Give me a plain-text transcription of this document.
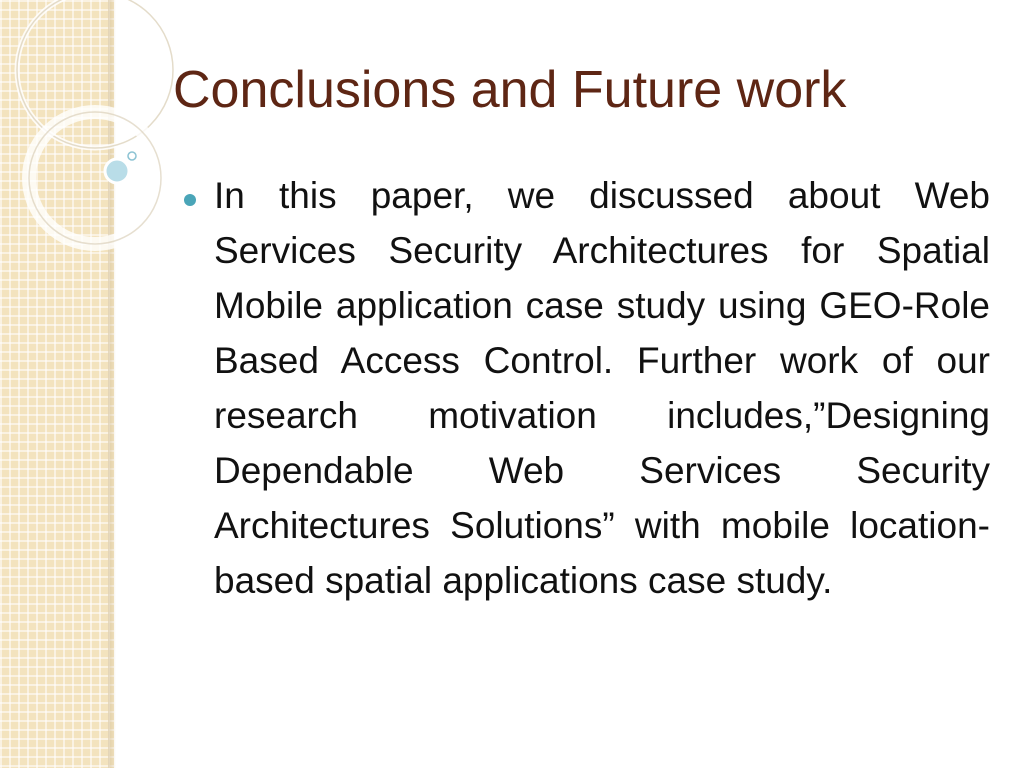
Conclusions and Future work

In this paper, we discussed about Web Services Security Architectures for Spatial Mobile application case study using GEO-Role Based Access Control. Further work of our research motivation includes,”Designing Dependable Web Services Security Architectures Solutions” with mobile location-based spatial applications case study.
